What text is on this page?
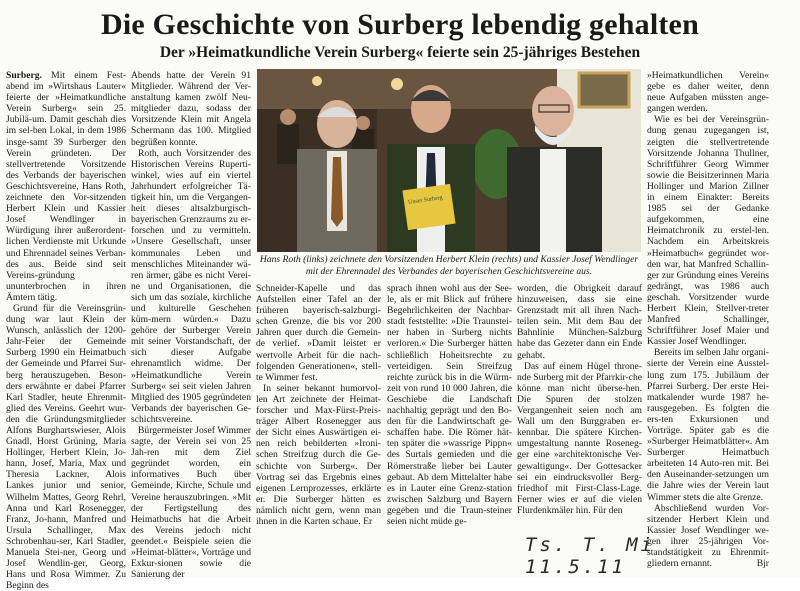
Die Geschichte von Surberg lebendig gehalten
Der »Heimatkundliche Verein Surberg« feierte sein 25-jähriges Bestehen

Surberg. Mit einem Fest-abend im »Wirtshaus Lauter« feierte der »Heimatkundliche Verein Surberg« sein 25. Jubilä-um. Damit geschah dies im sel-ben Lokal, in dem 1986 insge-samt 39 Surberger den Verein gründeten. Der stellvertretende Vorsitzende des Verbands der bayerischen Geschichtsvereine, Hans Roth, zeichnete den Vor-sitzenden Herbert Klein und Kassier Josef Wendlinger in Würdigung ihrer außerordent-lichen Verdienste mit Urkunde und Ehrennadel seines Verban-des aus. Beide sind seit Vereins-gründung ununterbrochen in ihren Ämtern tätig.

Grund für die Vereinsgrün-dung war laut Klein der Wunsch, anlässlich der 1200-Jahr-Feier der Gemeinde Surberg 1990 ein Heimatbuch der Gemeinde und Pfarrei Sur-berg herauszugeben. Beson-ders erwähnte er dabei Pfarrer Karl Stadler, heute Ehrenmit-glied des Vereins. Geehrt wur-den die Gründungsmitglieder Alfons Burghartswieser, Alois Gnadl, Horst Grüning, Maria Hollinger, Herbert Klein, Jo-hann, Josef, Maria, Max und Theresia Lackner, Alois Lankes junior und senior, Wilhelm Mattes, Georg Rehrl, Anna und Karl Rosenegger, Franz, Jo-hann, Manfred und Ursula Schallinger, Max Schrobenhau-ser, Karl Stadler, Manuela Stei-ner, Georg und Josef Wendlin-ger, Georg, Hans und Rosa Wimmer. Zu Beginn des

Abends hatte der Verein 91 Mitglieder. Während der Ver-anstaltung kamen zwölf Neu-mitglieder dazu, sodass der Vorsitzende Klein mit Angela Schermann das 100. Mitglied begrüßen konnte.

Roth, auch Vorsitzender des Historischen Vereins Ruperti-winkel, wies auf ein viertel Jahrhundert erfolgreicher Tä-tigkeit hin, um die Vergangen-heit dieses altsalzburgisch-bayerischen Grenzraums zu er-forschen und zu vermitteln. »Unsere Gesellschaft, unser kommunales Leben und menschliches Miteinander wä-ren ärmer, gäbe es nicht Verei-ne und Organisationen, die sich um das soziale, kirchliche und kulturelle Geschehen küm-mern würden.« Dazu gehöre der Surberger Verein mit seiner Vorstandschaft, der sich dieser Aufgabe ehrenamtlich widme. Der »Heimatkundliche Verein Surberg« sei seit vielen Jahren Mitglied des 1905 gegründeten Verbands der bayerischen Ge-schichtsvereine.

Bürgermeister Josef Wimmer sagte, der Verein sei von 25 Jah-ren mit dem Ziel gegründet worden, ein informatives Buch über Gemeinde, Kirche, Schule und Vereine herauszubringen. »Mit der Fertigstellung des Heimatbuchs hat die Arbeit des Vereins jedoch nicht geendet.« Beispiele seien die »Heimat-blätter«, Vorträge und Exkur-sionen sowie die Sanierung der

Unser Surberg
Hans Roth (links) zeichnete den Vorsitzenden Herbert Klein (rechts) und Kassier Josef Wendlinger mit der Ehrennadel des Verbandes der bayerischen Geschichtsvereine aus.

Schneider-Kapelle und das Aufstellen einer Tafel an der früheren bayerisch-salzburgi-schen Grenze, die bis vor 200 Jahren quer durch die Gemein-de verlief. »Damit leistet er wertvolle Arbeit für die nach-folgenden Generationen«, stell-te Wimmer fest.

In seiner bekannt humorvol-len Art zeichnete der Heimat-forscher und Max-Fürst-Preis-träger Albert Rosenegger aus der Sicht eines Auswärtigen ei-nen reich bebilderten »Ironi-schen Streifzug durch die Ge-schichte von Surberg«. Der Vortrag sei das Ergebnis eines eigenen Lernprozesses, erklärte er. Die Surberger hätten es nämlich nicht gern, wenn man ihnen in die Karten schaue. Er

sprach ihnen wohl aus der See-le, als er mit Blick auf frühere Begehrlichkeiten der Nachbar-stadt feststellte: »Die Traunstei-ner haben in Surberg nichts verloren.« Die Surberger hätten schließlich Hoheitsrechte zu verteidigen. Sein Streifzug reichte zurück bis in die Würm-zeit von rund 10 000 Jahren, die Geschiebe die Landschaft nachhaltig geprägt und den Bo-den für die Landwirtschaft ge-schaffen habe. Die Römer hät-ten später die »wassrige Pippn« des Surtals gemieden und die Römerstraße lieber bei Lauter gebaut. Ab dem Mittelalter habe es in Lauter eine Grenz-station zwischen Salzburg und Bayern gegeben und die Traun-steiner seien nicht müde ge-

worden, die Obrigkeit darauf hinzuweisen, dass sie eine Grenzstadt mit all ihren Nach-teilen sein. Mit dem Bau der Bahnlinie München-Salzburg habe das Gezeter dann ein Ende gehabt.

Das auf einem Hügel throne-nde Surberg mit der Pfarrkir-che könne man nicht überse-hen. Die Spuren der stolzen Vergangenheit seien noch am Wall um den Burggraben er-kennbar. Die spätere Kirchen-umgestaltung nannte Roseneg-ger eine »architektonische Ver-gewaltigung«. Der Gottesacker sei ein eindrucksvoller Berg-friedhof mit First-Class-Lage. Ferner wies er auf die vielen Flurdenkmäler hin. Für den

»Heimatkundlichen Verein« gebe es daher weiter, denn neue Aufgaben müssten ange-gangen werden.

Wie es bei der Vereinsgrün-dung genau zugegangen ist, zeigten die stellvertretende Vorsitzende Johanna Thullner, Schriftführer Georg Wimmer sowie die Beisitzerinnen Maria Hollinger und Marion Zillner in einem Einakter: Bereits 1985 sei der Gedanke aufgekommen, eine Heimatchronik zu erstel-len. Nachdem ein Arbeitskreis »Heimatbuch« gegründet wor-den war, hat Manfred Schallin-ger zur Gründung eines Vereins gedrängt, was 1986 auch geschah. Vorsitzender wurde Herbert Klein, Stellver-treter Manfred Schallinger, Schriftführer Josef Maier und Kassier Josef Wendlinger.

Bereits im selben Jahr organi-sierte der Verein eine Ausstel-lung zum 175. Jubiläum der Pfarrei Surberg. Der erste Hei-matkalender wurde 1987 he-rausgegeben. Es folgten die ers-ten Exkursionen und Vorträge. Später gab es die »Surberger Heimatblätter«. Am Surberger Heimatbuch arbeiteten 14 Auto-ren mit. Bei den Auseinander-setzungen um die Jahre wies der Verein laut Wimmer stets die alte Grenze.

Abschließend wurden Vor-sitzender Herbert Klein und Kassier Josef Wendlinger we-gen ihrer 25-jährigen Vor-standstätigkeit zu Ehrenmit-gliedern ernannt.	Bjr

Ts. T. Mi 11.5.11
